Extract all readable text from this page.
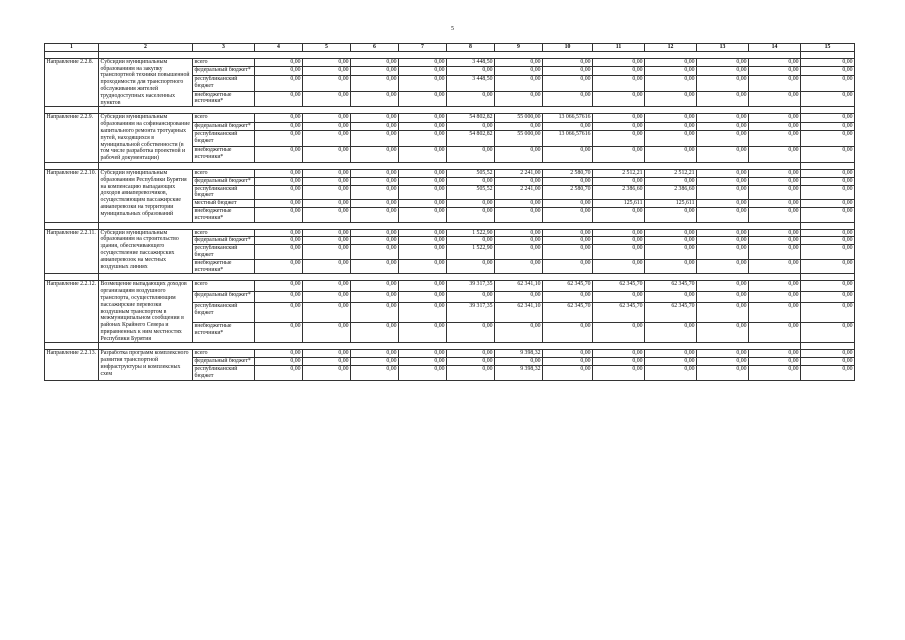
5
1	2	3	4	5	6	7	8	9	10	11	12	13	14	15

Направление 2.2.8.	Субсидии муниципальным образованиям на закупку транспортной техники повышенной проходимости для транспортного обслуживания жителей труднодоступных населенных пунктов	всего	0,00	0,00	0,00	0,00	3 448,50	0,00	0,00	0,00	0,00	0,00	0,00	0,00
		федеральный бюджет*	0,00	0,00	0,00	0,00	0,00	0,00	0,00	0,00	0,00	0,00	0,00	0,00
		республиканский бюджет	0,00	0,00	0,00	0,00	3 448,50	0,00	0,00	0,00	0,00	0,00	0,00	0,00
		внебюджетные источники*	0,00	0,00	0,00	0,00	0,00	0,00	0,00	0,00	0,00	0,00	0,00	0,00

Направление 2.2.9.	Субсидии муниципальным образованиям на софинансирование капитального ремонта тротуарных путей, находящихся в муниципальной собственности (в том числе разработка проектной и рабочей документации)	всего	0,00	0,00	0,00	0,00	54 802,82	55 000,00	13 066,57616	0,00	0,00	0,00	0,00	0,00
		федеральный бюджет*	0,00	0,00	0,00	0,00	0,00	0,00	0,00	0,00	0,00	0,00	0,00	0,00
		республиканский бюджет	0,00	0,00	0,00	0,00	54 802,82	55 000,00	13 066,57616	0,00	0,00	0,00	0,00	0,00
		внебюджетные источники*	0,00	0,00	0,00	0,00	0,00	0,00	0,00	0,00	0,00	0,00	0,00	0,00

Направление 2.2.10.	Субсидии муниципальным образованиям Республики Бурятия на компенсацию выпадающих доходов авиаперевозчиков, осуществляющим пассажирские авиаперевозки на территории муниципальных образований	всего	0,00	0,00	0,00	0,00	505,52	2 241,00	2 580,70	2 512,21	2 512,21	0,00	0,00	0,00
		федеральный бюджет*	0,00	0,00	0,00	0,00	0,00	0,00	0,00	0,00	0,00	0,00	0,00	0,00
		республиканский бюджет	0,00	0,00	0,00	0,00	505,52	2 241,00	2 580,70	2 386,60	2 386,60	0,00	0,00	0,00
		местный бюджет	0,00	0,00	0,00	0,00	0,00	0,00	0,00	125,611	125,611	0,00	0,00	0,00
		внебюджетные источники*	0,00	0,00	0,00	0,00	0,00	0,00	0,00	0,00	0,00	0,00	0,00	0,00

Направление 2.2.11.	Субсидии муниципальным образованиям на строительство здания, обеспечивающего осуществление пассажирских авиаперевозок на местных воздушных линиях	всего	0,00	0,00	0,00	0,00	1 522,90	0,00	0,00	0,00	0,00	0,00	0,00	0,00
		федеральный бюджет*	0,00	0,00	0,00	0,00	0,00	0,00	0,00	0,00	0,00	0,00	0,00	0,00
		республиканский бюджет	0,00	0,00	0,00	0,00	1 522,90	0,00	0,00	0,00	0,00	0,00	0,00	0,00
		внебюджетные источники*	0,00	0,00	0,00	0,00	0,00	0,00	0,00	0,00	0,00	0,00	0,00	0,00

Направление 2.2.12.	Возмещение выпадающих доходов организациям воздушного транспорта, осуществляющим пассажирские перевозки воздушным транспортом в межмуниципальном сообщении в районах Крайнего Севера и приравненных к ним местностях Республики Бурятия	всего	0,00	0,00	0,00	0,00	39 317,35	62 341,10	62 345,70	62 345,70	62 345,70	0,00	0,00	0,00
		федеральный бюджет*	0,00	0,00	0,00	0,00	0,00	0,00	0,00	0,00	0,00	0,00	0,00	0,00
		республиканский бюджет	0,00	0,00	0,00	0,00	39 317,35	62 341,10	62 345,70	62 345,70	62 345,70	0,00	0,00	0,00
		внебюджетные источники*	0,00	0,00	0,00	0,00	0,00	0,00	0,00	0,00	0,00	0,00	0,00	0,00

Направление 2.2.13.	Разработка программ комплексного развития транспортной инфраструктуры и комплексных схем	всего	0,00	0,00	0,00	0,00	0,00	9 398,32	0,00	0,00	0,00	0,00	0,00	0,00
		федеральный бюджет*	0,00	0,00	0,00	0,00	0,00	0,00	0,00	0,00	0,00	0,00	0,00	0,00
		республиканский бюджет	0,00	0,00	0,00	0,00	0,00	9 398,32	0,00	0,00	0,00	0,00	0,00	0,00
